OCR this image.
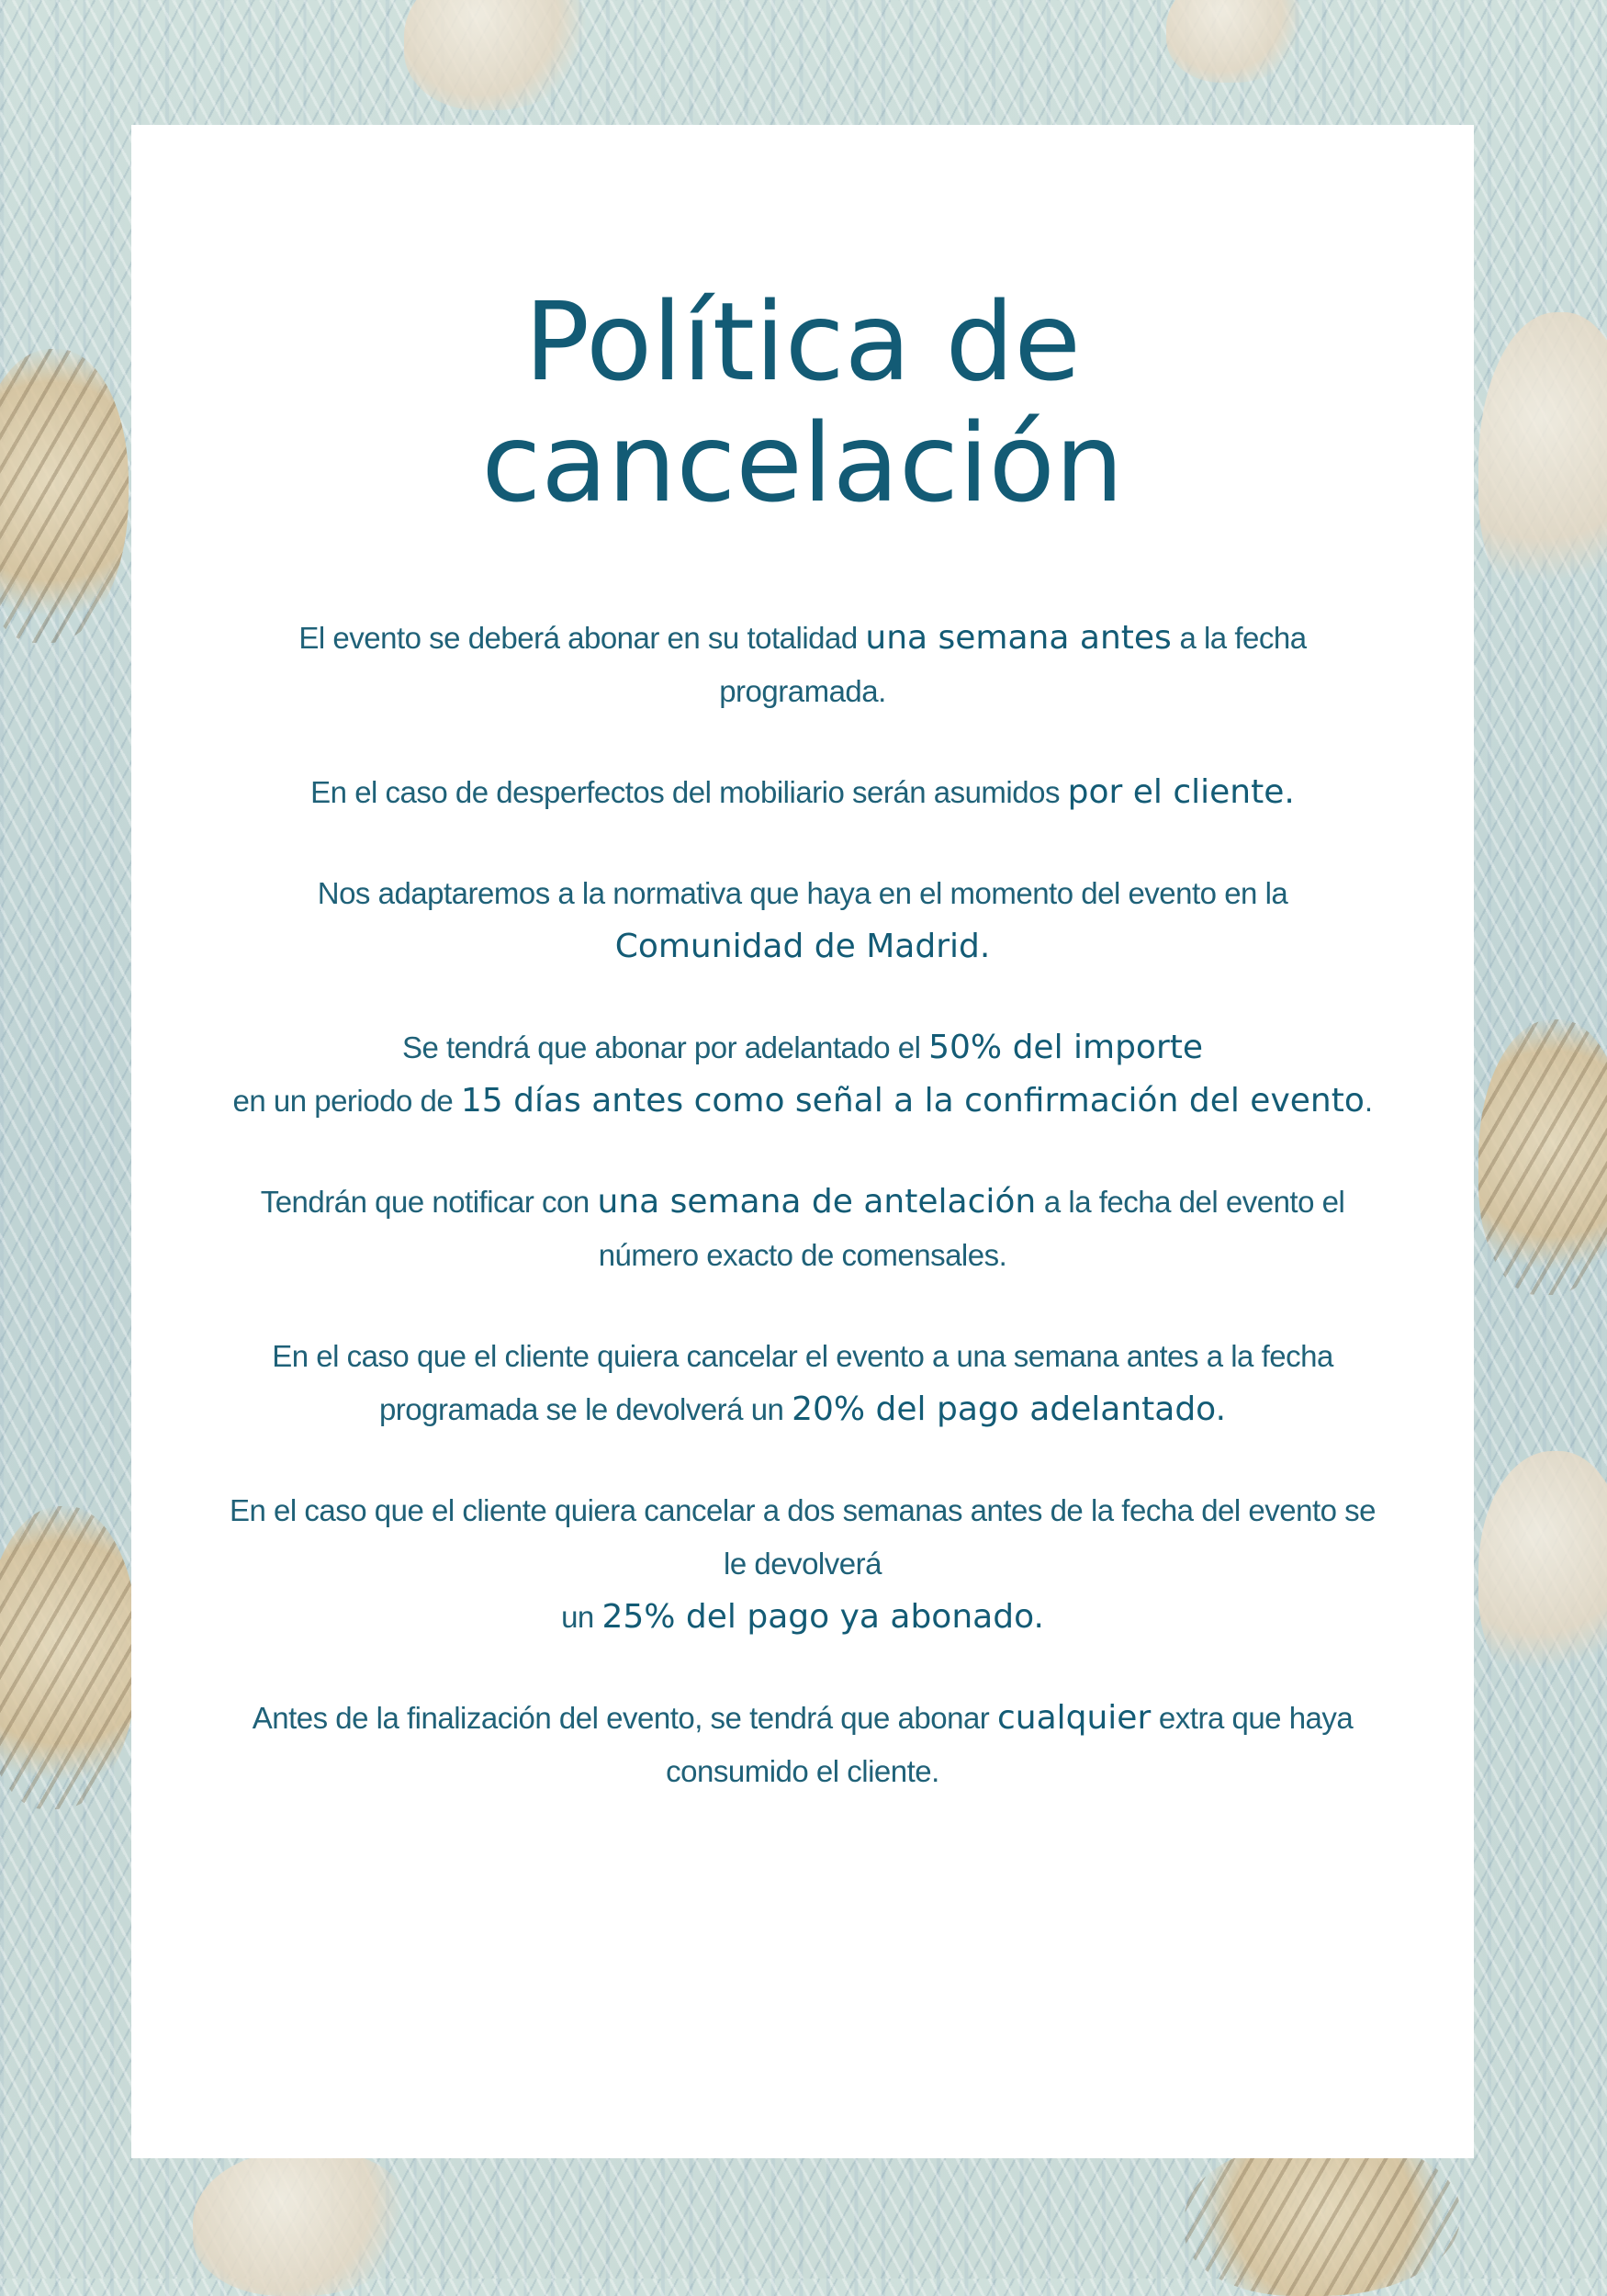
Política de
cancelación

El evento se deberá abonar en su totalidad una semana antes a la fecha programada.

En el caso de desperfectos del mobiliario serán asumidos por el cliente.

Nos adaptaremos a la normativa que haya en el momento del evento en la Comunidad de Madrid.

Se tendrá que abonar por adelantado el 50% del importe
en un periodo de 15 días antes como señal a la confirmación del evento.

Tendrán que notificar con una semana de antelación a la fecha del evento el número exacto de comensales.

En el caso que el cliente quiera cancelar el evento a una semana antes a la fecha programada se le devolverá un 20% del pago adelantado.

En el caso que el cliente quiera cancelar a dos semanas antes de la fecha del evento se le devolverá
un 25% del pago ya abonado.

Antes de la finalización del evento, se tendrá que abonar cualquier extra que haya consumido el cliente.
